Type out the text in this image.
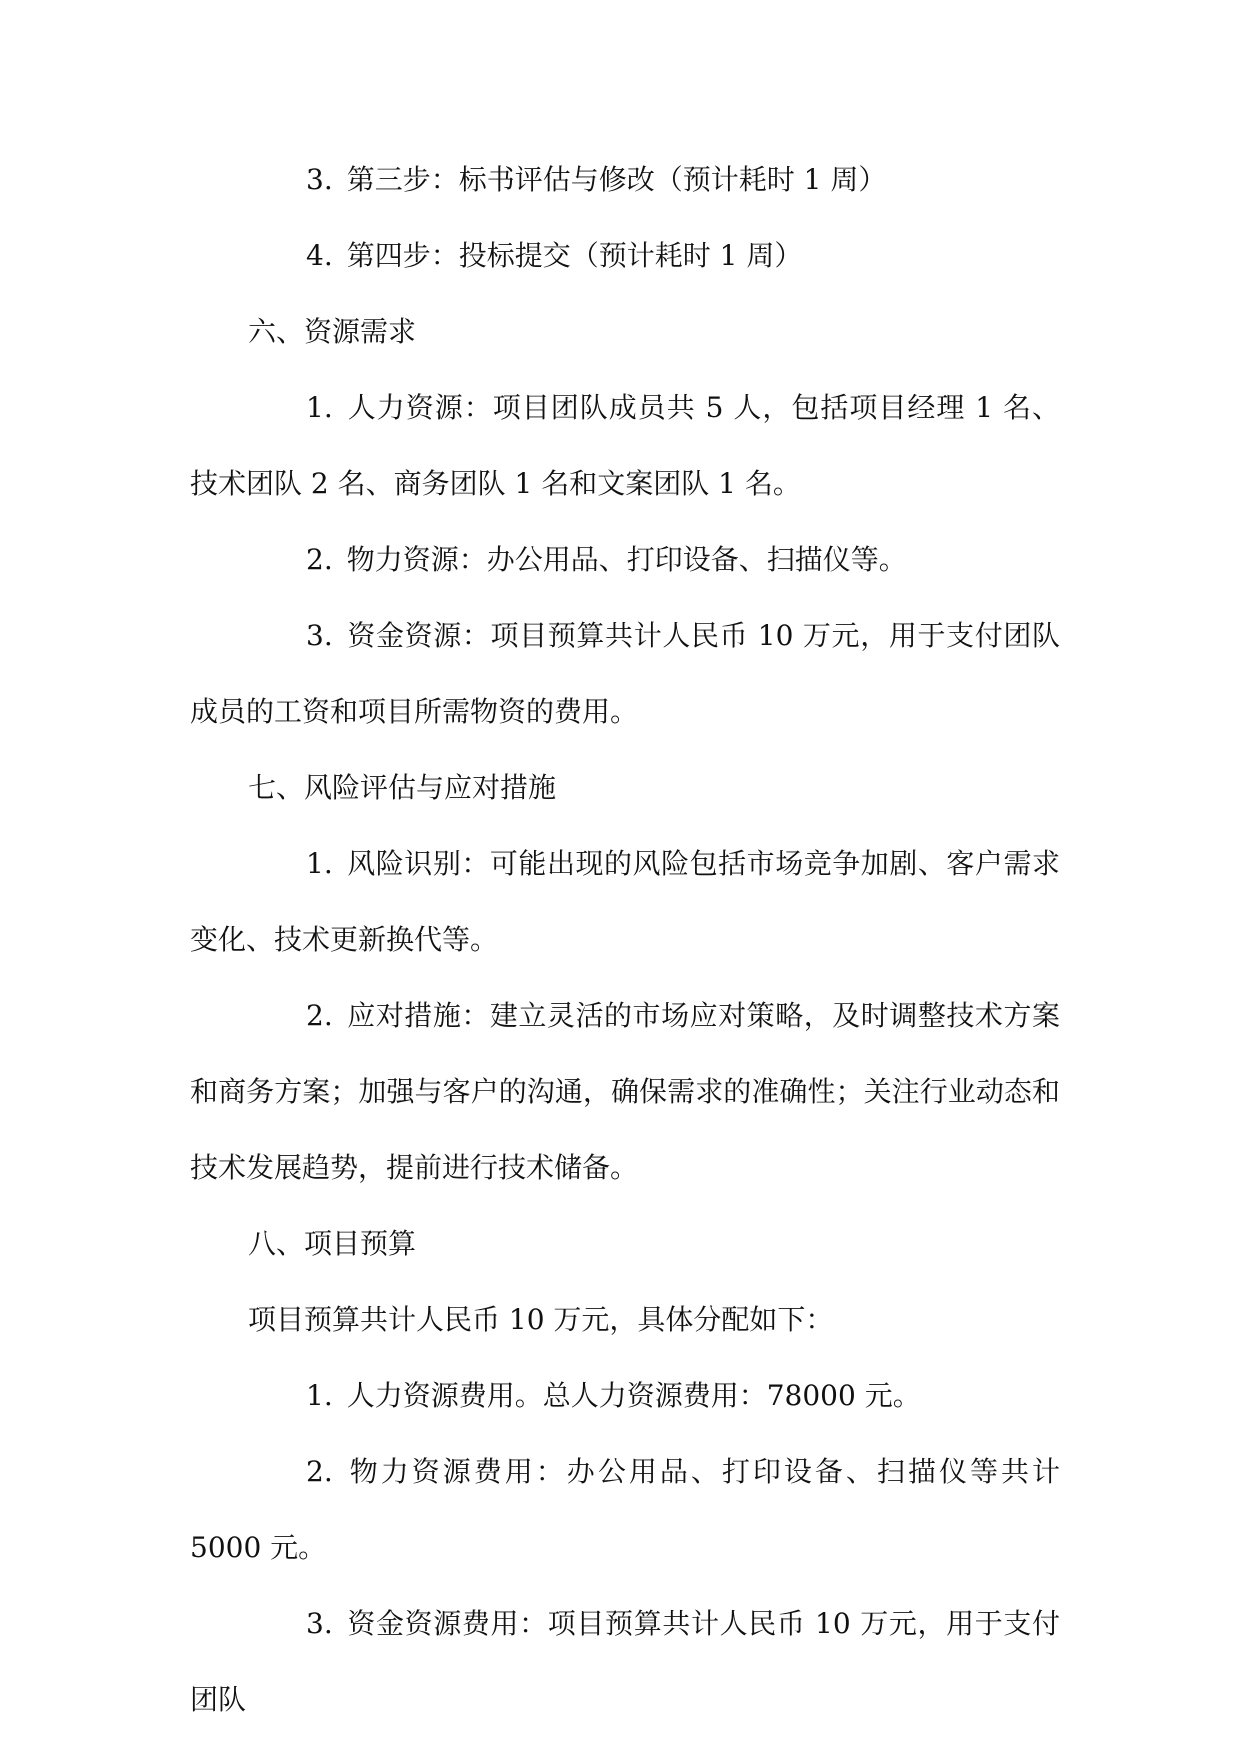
3. 第三步：标书评估与修改（预计耗时 1 周）

4. 第四步：投标提交（预计耗时 1 周）

六、资源需求

1. 人力资源：项目团队成员共 5 人，包括项目经理 1 名、技术团队 2 名、商务团队 1 名和文案团队 1 名。

2. 物力资源：办公用品、打印设备、扫描仪等。

3. 资金资源：项目预算共计人民币 10 万元，用于支付团队成员的工资和项目所需物资的费用。

七、风险评估与应对措施

1. 风险识别：可能出现的风险包括市场竞争加剧、客户需求变化、技术更新换代等。

2. 应对措施：建立灵活的市场应对策略，及时调整技术方案和商务方案；加强与客户的沟通，确保需求的准确性；关注行业动态和技术发展趋势，提前进行技术储备。

八、项目预算

项目预算共计人民币 10 万元，具体分配如下：

1. 人力资源费用。总人力资源费用：78000 元。

2. 物力资源费用：办公用品、打印设备、扫描仪等共计 5000 元。

3. 资金资源费用：项目预算共计人民币 10 万元，用于支付团队
